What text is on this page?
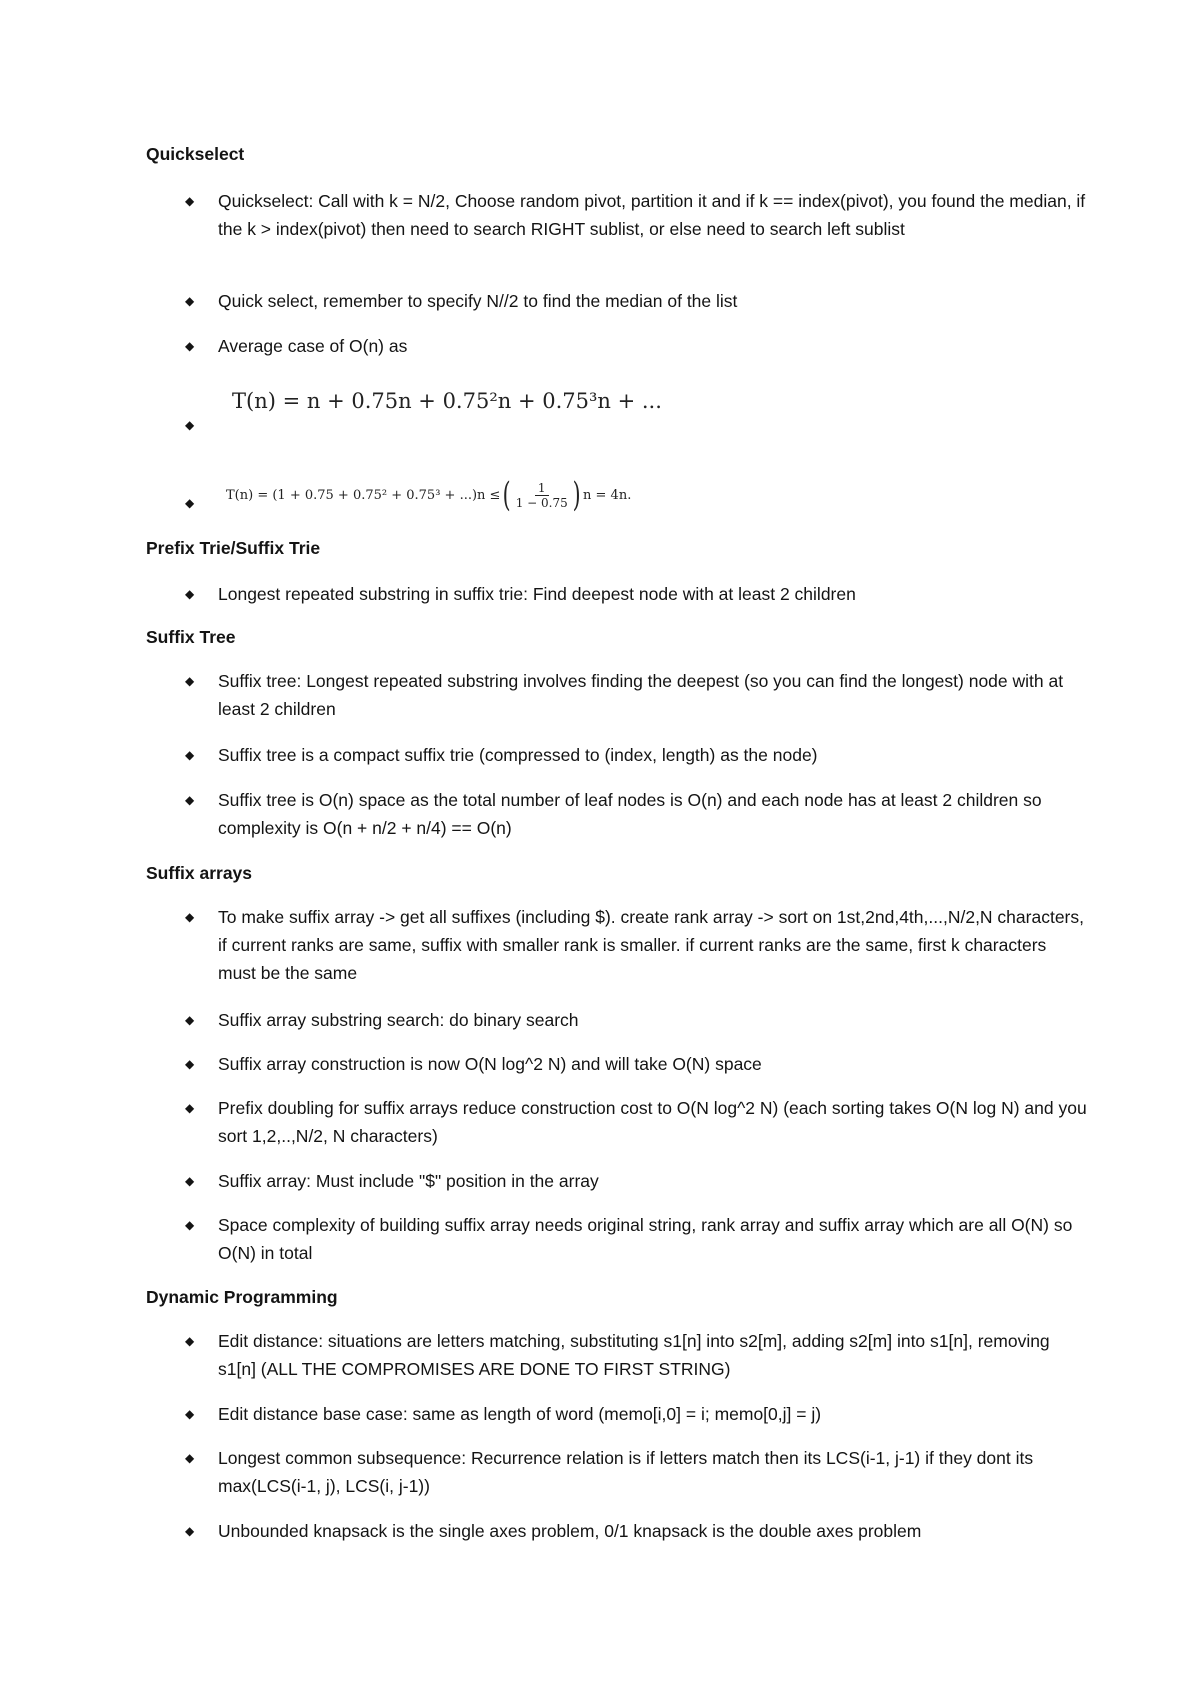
Quickselect
◆ Quickselect: Call with k = N/2, Choose random pivot, partition it and if k == index(pivot), you found the median, if the k > index(pivot) then need to search RIGHT sublist, or else need to search left sublist
◆ Quick select, remember to specify N//2 to find the median of the list
◆ Average case of O(n) as
◆
T(n) = n + 0.75n + 0.75²n + 0.75³n + ...
◆
T(n) = (1 + 0.75 + 0.75² + 0.75³ + ...)n ≤ ( $\frac{1}{1 - 0.75}$ ) n = 4n.
Prefix Trie/Suffix Trie
◆ Longest repeated substring in suffix trie: Find deepest node with at least 2 children
Suffix Tree
◆ Suffix tree: Longest repeated substring involves finding the deepest (so you can find the longest) node with at least 2 children
◆ Suffix tree is a compact suffix trie (compressed to (index, length) as the node)
◆ Suffix tree is O(n) space as the total number of leaf nodes is O(n) and each node has at least 2 children so complexity is O(n + n/2 + n/4) == O(n)
Suffix arrays
◆ To make suffix array -> get all suffixes (including $). create rank array -> sort on 1st,2nd,4th,...,N/2,N characters, if current ranks are same, suffix with smaller rank is smaller. if current ranks are the same, first k characters must be the same
◆ Suffix array substring search: do binary search
◆ Suffix array construction is now O(N log^2 N) and will take O(N) space
◆ Prefix doubling for suffix arrays reduce construction cost to O(N log^2 N) (each sorting takes O(N log N) and you sort 1,2,..,N/2, N characters)
◆ Suffix array: Must include "$" position in the array
◆ Space complexity of building suffix array needs original string, rank array and suffix array which are all O(N) so O(N) in total
Dynamic Programming
◆ Edit distance: situations are letters matching, substituting s1[n] into s2[m], adding s2[m] into s1[n], removing s1[n] (ALL THE COMPROMISES ARE DONE TO FIRST STRING)
◆ Edit distance base case: same as length of word (memo[i,0] = i; memo[0,j] = j)
◆ Longest common subsequence: Recurrence relation is if letters match then its LCS(i-1, j-1) if they dont its max(LCS(i-1, j), LCS(i, j-1))
◆ Unbounded knapsack is the single axes problem, 0/1 knapsack is the double axes problem
